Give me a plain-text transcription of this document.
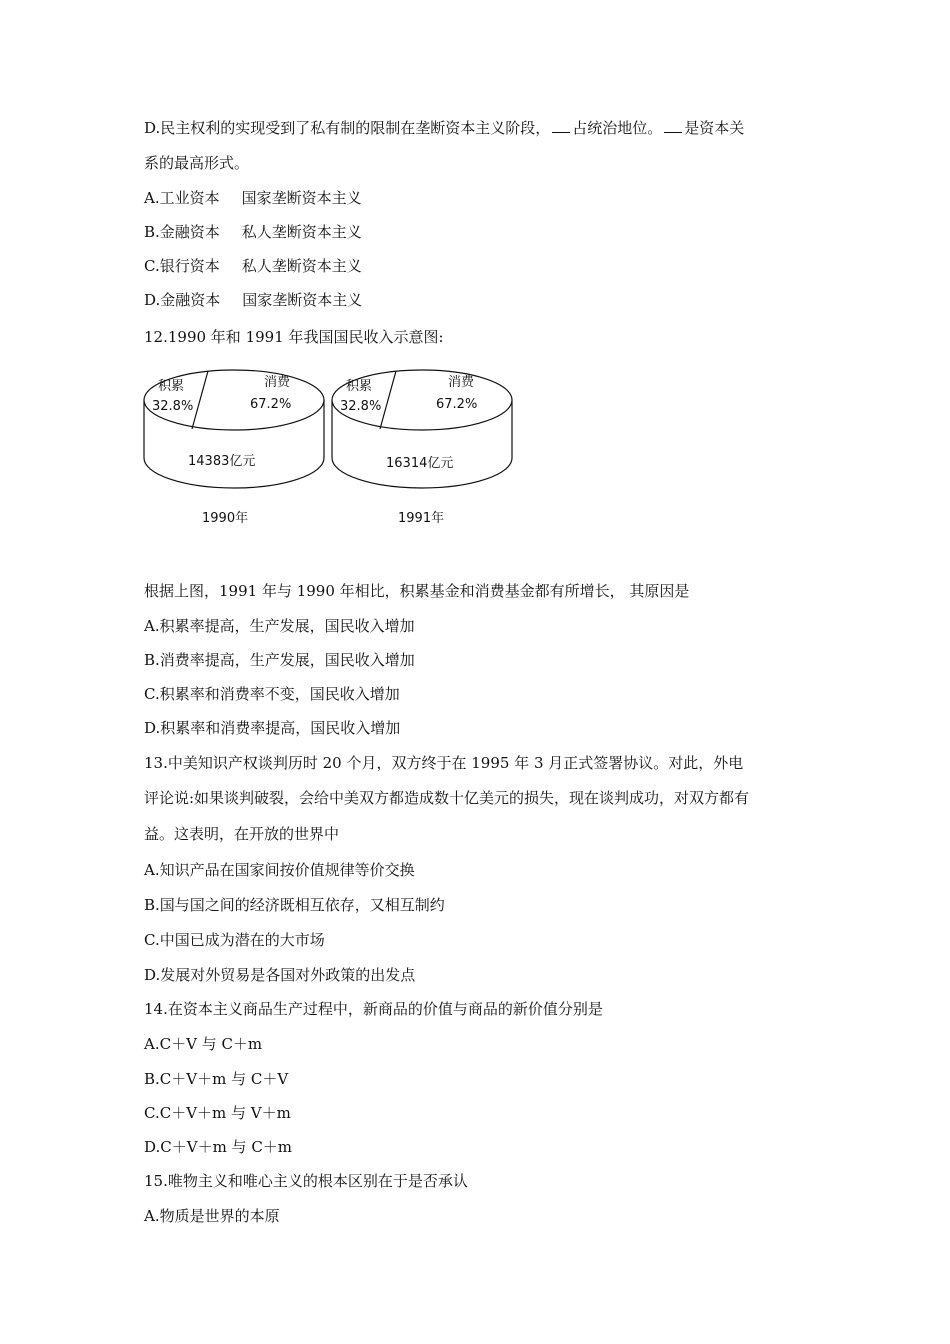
D.民主权利的实现受到了私有制的限制在垄断资本主义阶段， 占统治地位。 是资本关
系的最高形式。
A.工业资本 国家垄断资本主义
B.金融资本 私人垄断资本主义
C.银行资本 私人垄断资本主义
D.金融资本 国家垄断资本主义
12.1990 年和 1991 年我国国民收入示意图:
积累
32.8%
消费
67.2%
14383亿元
1990年
积累
32.8%
消费
67.2%
16314亿元
1991年
根据上图，1991 年与 1990 年相比，积累基金和消费基金都有所增长， 其原因是
A.积累率提高，生产发展，国民收入增加
B.消费率提高，生产发展，国民收入增加
C.积累率和消费率不变，国民收入增加
D.积累率和消费率提高，国民收入增加
13.中美知识产权谈判历时 20 个月，双方终于在 1995 年 3 月正式签署协议。对此，外电
评论说:如果谈判破裂，会给中美双方都造成数十亿美元的损失，现在谈判成功，对双方都有
益。这表明，在开放的世界中
A.知识产品在国家间按价值规律等价交换
B.国与国之间的经济既相互依存，又相互制约
C.中国已成为潜在的大市场
D.发展对外贸易是各国对外政策的出发点
14.在资本主义商品生产过程中，新商品的价值与商品的新价值分别是
A.C＋V 与 C＋m
B.C＋V＋m 与 C＋V
C.C＋V＋m 与 V＋m
D.C＋V＋m 与 C＋m
15.唯物主义和唯心主义的根本区别在于是否承认
A.物质是世界的本原
